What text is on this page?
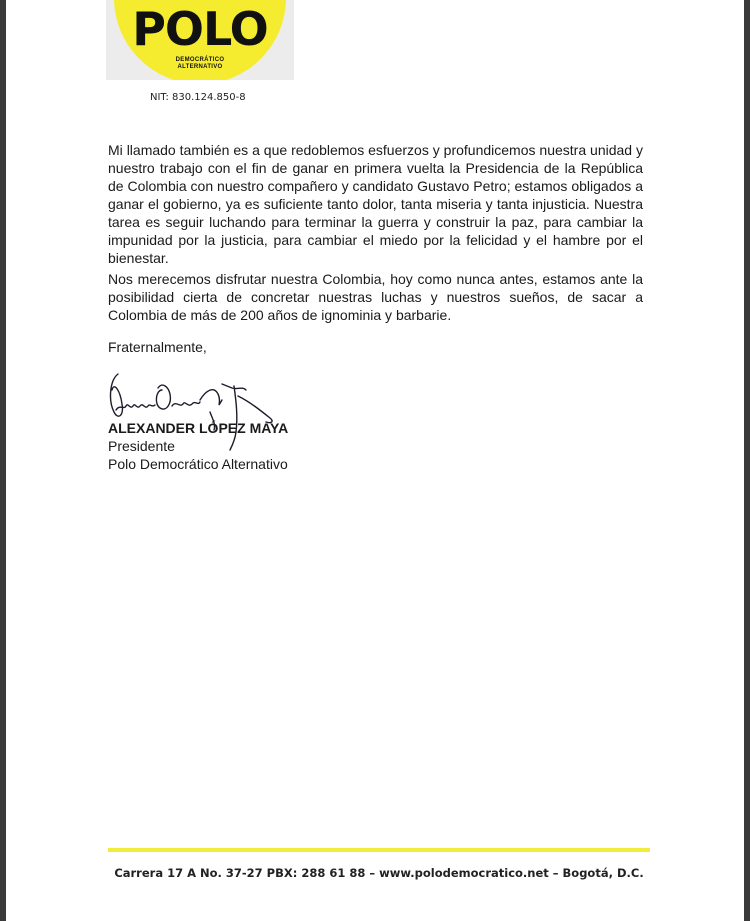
POLO
DEMOCRÁTICO
ALTERNATIVO
NIT: 830.124.850-8

Mi llamado también es a que redoblemos esfuerzos y profundicemos nuestra unidad y nuestro trabajo con el fin de ganar en primera vuelta la Presidencia de la República de Colombia con nuestro compañero y candidato Gustavo Petro; estamos obligados a ganar el gobierno, ya es suficiente tanto dolor, tanta miseria y tanta injusticia. Nuestra tarea es seguir luchando para terminar la guerra y construir la paz, para cambiar la impunidad por la justicia, para cambiar el miedo por la felicidad y el hambre por el bienestar.

Nos merecemos disfrutar nuestra Colombia, hoy como nunca antes, estamos ante la posibilidad cierta de concretar nuestras luchas y nuestros sueños, de sacar a Colombia de más de 200 años de ignominia y barbarie.

Fraternalmente,
ALEXANDER LÓPEZ MAYA
Presidente
Polo Democrático Alternativo
Carrera 17 A No. 37-27 PBX: 288 61 88 – www.polodemocratico.net – Bogotá, D.C.
